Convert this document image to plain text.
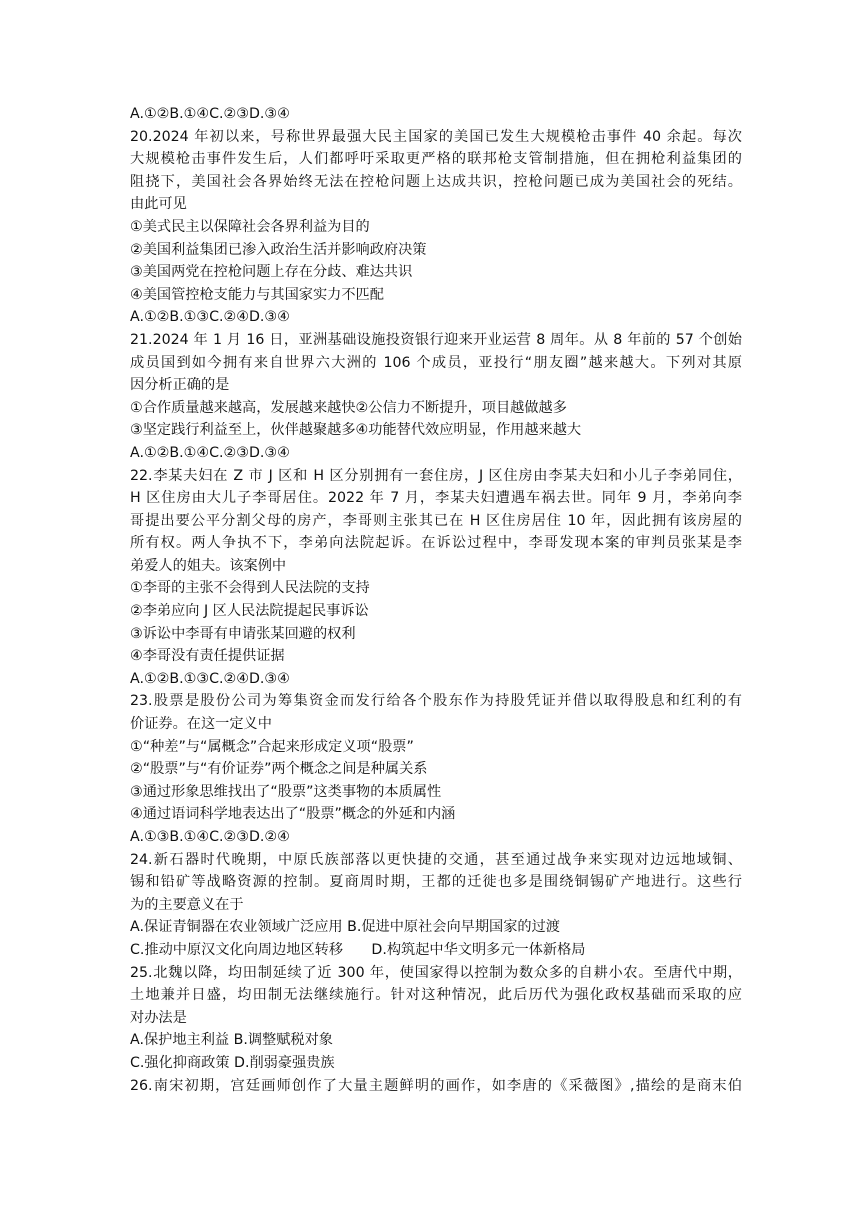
A.①②B.①④C.②③D.③④
20.2024 年初以来，号称世界最强大民主国家的美国已发生大规模枪击事件 40 余起。每次
大规模枪击事件发生后，人们都呼吁采取更严格的联邦枪支管制措施，但在拥枪利益集团的
阻挠下，美国社会各界始终无法在控枪问题上达成共识，控枪问题已成为美国社会的死结。
由此可见
①美式民主以保障社会各界利益为目的
②美国利益集团已渗入政治生活并影响政府决策
③美国两党在控枪问题上存在分歧、难达共识
④美国管控枪支能力与其国家实力不匹配
A.①②B.①③C.②④D.③④
21.2024 年 1 月 16 日，亚洲基础设施投资银行迎来开业运营 8 周年。从 8 年前的 57 个创始
成员国到如今拥有来自世界六大洲的 106 个成员，亚投行“朋友圈”越来越大。下列对其原
因分析正确的是
①合作质量越来越高，发展越来越快②公信力不断提升，项目越做越多
③坚定践行利益至上，伙伴越聚越多④功能替代效应明显，作用越来越大
A.①②B.①④C.②③D.③④
22.李某夫妇在 Z 市 J 区和 H 区分别拥有一套住房，J 区住房由李某夫妇和小儿子李弟同住，
H 区住房由大儿子李哥居住。2022 年 7 月，李某夫妇遭遇车祸去世。同年 9 月，李弟向李
哥提出要公平分割父母的房产，李哥则主张其已在 H 区住房居住 10 年，因此拥有该房屋的
所有权。两人争执不下，李弟向法院起诉。在诉讼过程中，李哥发现本案的审判员张某是李
弟爱人的姐夫。该案例中
①李哥的主张不会得到人民法院的支持
②李弟应向 J 区人民法院提起民事诉讼
③诉讼中李哥有申请张某回避的权利
④李哥没有责任提供证据
A.①②B.①③C.②④D.③④
23.股票是股份公司为筹集资金而发行给各个股东作为持股凭证并借以取得股息和红利的有
价证券。在这一定义中
①“种差”与“属概念”合起来形成定义项“股票”
②“股票”与“有价证券”两个概念之间是种属关系
③通过形象思维找出了“股票”这类事物的本质属性
④通过语词科学地表达出了“股票”概念的外延和内涵
A.①③B.①④C.②③D.②④
24.新石器时代晚期，中原氏族部落以更快捷的交通，甚至通过战争来实现对边远地域铜、
锡和铅矿等战略资源的控制。夏商周时期，王都的迁徙也多是围绕铜锡矿产地进行。这些行
为的主要意义在于
A.保证青铜器在农业领域广泛应用 B.促进中原社会向早期国家的过渡
C.推动中原汉文化向周边地区转移　　D.构筑起中华文明多元一体新格局
25.北魏以降，均田制延续了近 300 年，使国家得以控制为数众多的自耕小农。至唐代中期，
土地兼并日盛，均田制无法继续施行。针对这种情况，此后历代为强化政权基础而采取的应
对办法是
A.保护地主利益 B.调整赋税对象
C.强化抑商政策 D.削弱豪强贵族
26.南宋初期，宫廷画师创作了大量主题鲜明的画作，如李唐的《采薇图》,描绘的是商末伯
